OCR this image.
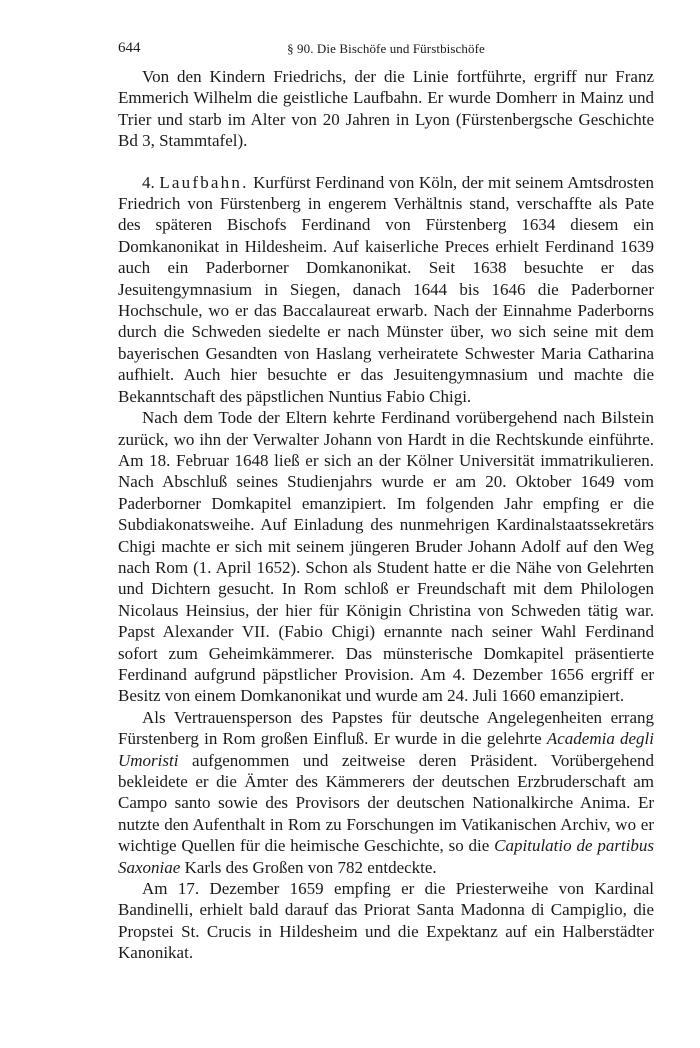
644	§ 90. Die Bischöfe und Fürstbischöfe

Von den Kindern Friedrichs, der die Linie fortführte, ergriff nur Franz Emmerich Wilhelm die geistliche Laufbahn. Er wurde Domherr in Mainz und Trier und starb im Alter von 20 Jahren in Lyon (Fürstenbergsche Geschichte Bd 3, Stammtafel).

4. Laufbahn. Kurfürst Ferdinand von Köln, der mit seinem Amtsdrosten Friedrich von Fürstenberg in engerem Verhältnis stand, verschaffte als Pate des späteren Bischofs Ferdinand von Fürstenberg 1634 diesem ein Domkanonikat in Hildesheim. Auf kaiserliche Preces erhielt Ferdinand 1639 auch ein Paderborner Domkanonikat. Seit 1638 besuchte er das Jesuitengymnasium in Siegen, danach 1644 bis 1646 die Paderborner Hochschule, wo er das Baccalaureat erwarb. Nach der Einnahme Paderborns durch die Schweden siedelte er nach Münster über, wo sich seine mit dem bayerischen Gesandten von Haslang verheiratete Schwester Maria Catharina aufhielt. Auch hier besuchte er das Jesuitengymnasium und machte die Bekanntschaft des päpstlichen Nuntius Fabio Chigi.

Nach dem Tode der Eltern kehrte Ferdinand vorübergehend nach Bilstein zurück, wo ihn der Verwalter Johann von Hardt in die Rechtskunde einführte. Am 18. Februar 1648 ließ er sich an der Kölner Universität immatrikulieren. Nach Abschluß seines Studienjahrs wurde er am 20. Oktober 1649 vom Paderborner Domkapitel emanzipiert. Im folgenden Jahr empfing er die Subdiakonatsweihe. Auf Einladung des nunmehrigen Kardinalstaatssekretärs Chigi machte er sich mit seinem jüngeren Bruder Johann Adolf auf den Weg nach Rom (1. April 1652). Schon als Student hatte er die Nähe von Gelehrten und Dichtern gesucht. In Rom schloß er Freundschaft mit dem Philologen Nicolaus Heinsius, der hier für Königin Christina von Schweden tätig war. Papst Alexander VII. (Fabio Chigi) ernannte nach seiner Wahl Ferdinand sofort zum Geheimkämmerer. Das münsterische Domkapitel präsentierte Ferdinand aufgrund päpstlicher Provision. Am 4. Dezember 1656 ergriff er Besitz von einem Domkanonikat und wurde am 24. Juli 1660 emanzipiert.

Als Vertrauensperson des Papstes für deutsche Angelegenheiten errang Fürstenberg in Rom großen Einfluß. Er wurde in die gelehrte Academia degli Umoristi aufgenommen und zeitweise deren Präsident. Vorübergehend bekleidete er die Ämter des Kämmerers der deutschen Erzbruderschaft am Campo santo sowie des Provisors der deutschen Nationalkirche Anima. Er nutzte den Aufenthalt in Rom zu Forschungen im Vatikanischen Archiv, wo er wichtige Quellen für die heimische Geschichte, so die Capitulatio de partibus Saxoniae Karls des Großen von 782 entdeckte.

Am 17. Dezember 1659 empfing er die Priesterweihe von Kardinal Bandinelli, erhielt bald darauf das Priorat Santa Madonna di Campiglio, die Propstei St. Crucis in Hildesheim und die Expektanz auf ein Halberstädter Kanonikat.
